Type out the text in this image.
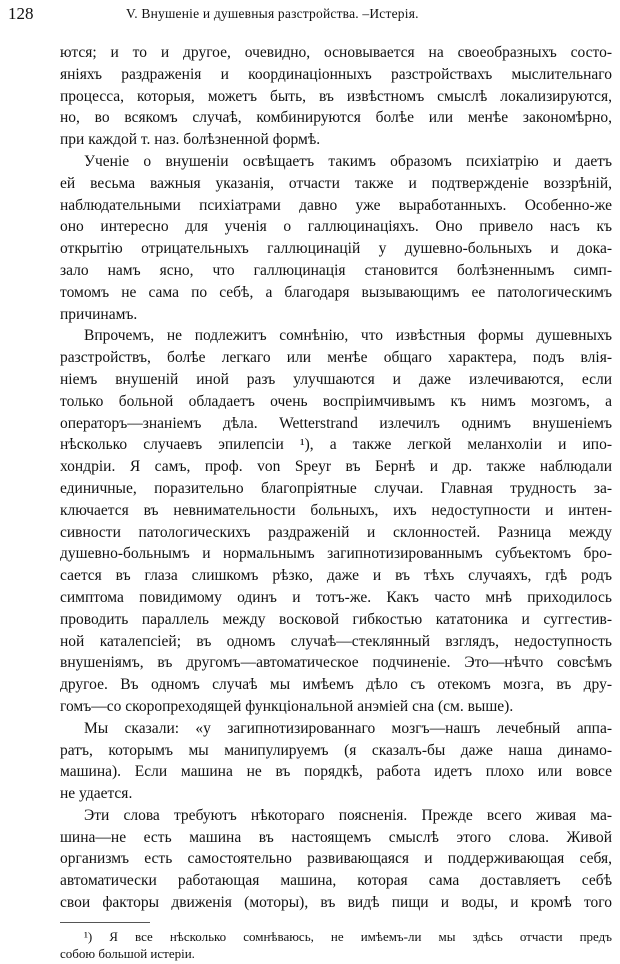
128	V. Внушеніе и душевныя разстройства. –Истерія.
ются; и то и другое, очевидно, основывается на своеобразныхъ состо-
яніяхъ раздраженія и координаціонныхъ разстройствахъ мыслительнаго
процесса, которыя, можетъ быть, въ извѣстномъ смыслѣ локализируются,
но, во всякомъ случаѣ, комбинируются болѣе или менѣе закономѣрно,
при каждой т. наз. болѣзненной формѣ.
Ученіе о внушеніи освѣщаетъ такимъ образомъ психіатрію и даетъ
ей весьма важныя указанія, отчасти также и подтвержденіе воззрѣній,
наблюдательными психіатрами давно уже выработанныхъ. Особенно-же
оно интересно для ученія о галлюцинаціяхъ. Оно привело насъ къ
открытію отрицательныхъ галлюцинацій у душевно-больныхъ и дока-
зало намъ ясно, что галлюцинація становится болѣзненнымъ симп-
томомъ не сама по себѣ, а благодаря вызывающимъ ее патологическимъ
причинамъ.
Впрочемъ, не подлежитъ сомнѣнію, что извѣстныя формы душевныхъ
разстройствъ, болѣе легкаго или менѣе общаго характера, подъ влія-
ніемъ внушеній иной разъ улучшаются и даже излечиваются, если
только больной обладаетъ очень воспріимчивымъ къ нимъ мозгомъ, а
операторъ—знаніемъ дѣла. Wetterstrand излечилъ однимъ внушеніемъ
нѣсколько случаевъ эпилепсіи ¹), а также легкой меланхоліи и ипо-
хондріи. Я самъ, проф. von Speyr въ Бернѣ и др. также наблюдали
единичные, поразительно благопріятные случаи. Главная трудность за-
ключается въ невнимательности больныхъ, ихъ недоступности и интен-
сивности патологическихъ раздраженій и склонностей. Разница между
душевно-больнымъ и нормальнымъ загипнотизированнымъ субъектомъ бро-
сается въ глаза слишкомъ рѣзко, даже и въ тѣхъ случаяхъ, гдѣ родъ
симптома повидимому одинъ и тотъ-же. Какъ часто мнѣ приходилось
проводить параллель между восковой гибкостью кататоника и суггестив-
ной каталепсіей; въ одномъ случаѣ—стеклянный взглядъ, недоступность
внушеніямъ, въ другомъ—автоматическое подчиненіе. Это—нѣчто совсѣмъ
другое. Въ одномъ случаѣ мы имѣемъ дѣло съ отекомъ мозга, въ дру-
гомъ—со скоропреходящей функціональной анэміей сна (см. выше).
Мы сказали: «у загипнотизированнаго мозгъ—нашъ лечебный аппа-
ратъ, которымъ мы манипулируемъ (я сказалъ-бы даже наша динамо-
машина). Если машина не въ порядкѣ, работа идетъ плохо или вовсе
не удается.
Эти слова требуютъ нѣкотораго поясненія. Прежде всего живая ма-
шина—не есть машина въ настоящемъ смыслѣ этого слова. Живой
организмъ есть самостоятельно развивающаяся и поддерживающая себя,
автоматически работающая машина, которая сама доставляетъ себѣ
свои факторы движенія (моторы), въ видѣ пищи и воды, и кромѣ того
¹) Я все нѣсколько сомнѣваюсь, не имѣемъ-ли мы здѣсь отчасти предъ
собою большой истеріи.
